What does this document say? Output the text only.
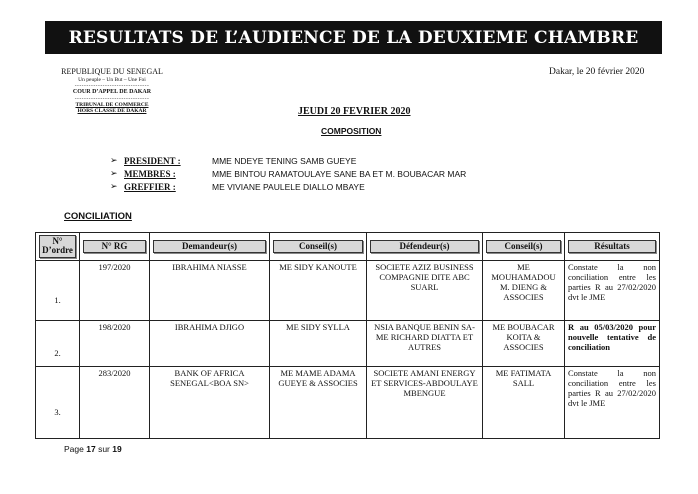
RESULTATS DE L’AUDIENCE DE LA DEUXIEME CHAMBRE
REPUBLIQUE DU SENEGAL
Un peuple – Un But – Une Foi
--------------------------------
COUR D’APPEL DE DAKAR
--------------------------------
TRIBUNAL DE COMMERCE
HORS CLASSE DE DAKAR
Dakar, le 20 février 2020
JEUDI 20 FEVRIER 2020
COMPOSITION
➢ PRESIDENT :	MME NDEYE TENING SAMB GUEYE
➢ MEMBRES :	MME BINTOU RAMATOULAYE SANE BA ET M. BOUBACAR MAR
➢ GREFFIER :	ME VIVIANE PAULELE DIALLO MBAYE
CONCILIATION
N° D’ordre	N° RG	Demandeur(s)	Conseil(s)	Défendeur(s)	Conseil(s)	Résultats

1.	197/2020	IBRAHIMA NIASSE	ME SIDY KANOUTE	SOCIETE AZIZ BUSINESS COMPAGNIE DITE ABC SUARL	ME MOUHAMADOU M. DIENG & ASSOCIES	Constate la non conciliation entre les parties R au 27/02/2020 dvt le JME
2.	198/2020	IBRAHIMA DJIGO	ME SIDY SYLLA	NSIA BANQUE BENIN SA-ME RICHARD DIATTA ET AUTRES	ME BOUBACAR KOITA & ASSOCIES	R au 05/03/2020 pour nouvelle tentative de conciliation
3.	283/2020	BANK OF AFRICA SENEGAL<BOA SN>	ME MAME ADAMA GUEYE & ASSOCIES	SOCIETE AMANI ENERGY ET SERVICES-ABDOULAYE MBENGUE	ME FATIMATA SALL	Constate la non conciliation entre les parties R au 27/02/2020 dvt le JME
Page 17 sur 19
